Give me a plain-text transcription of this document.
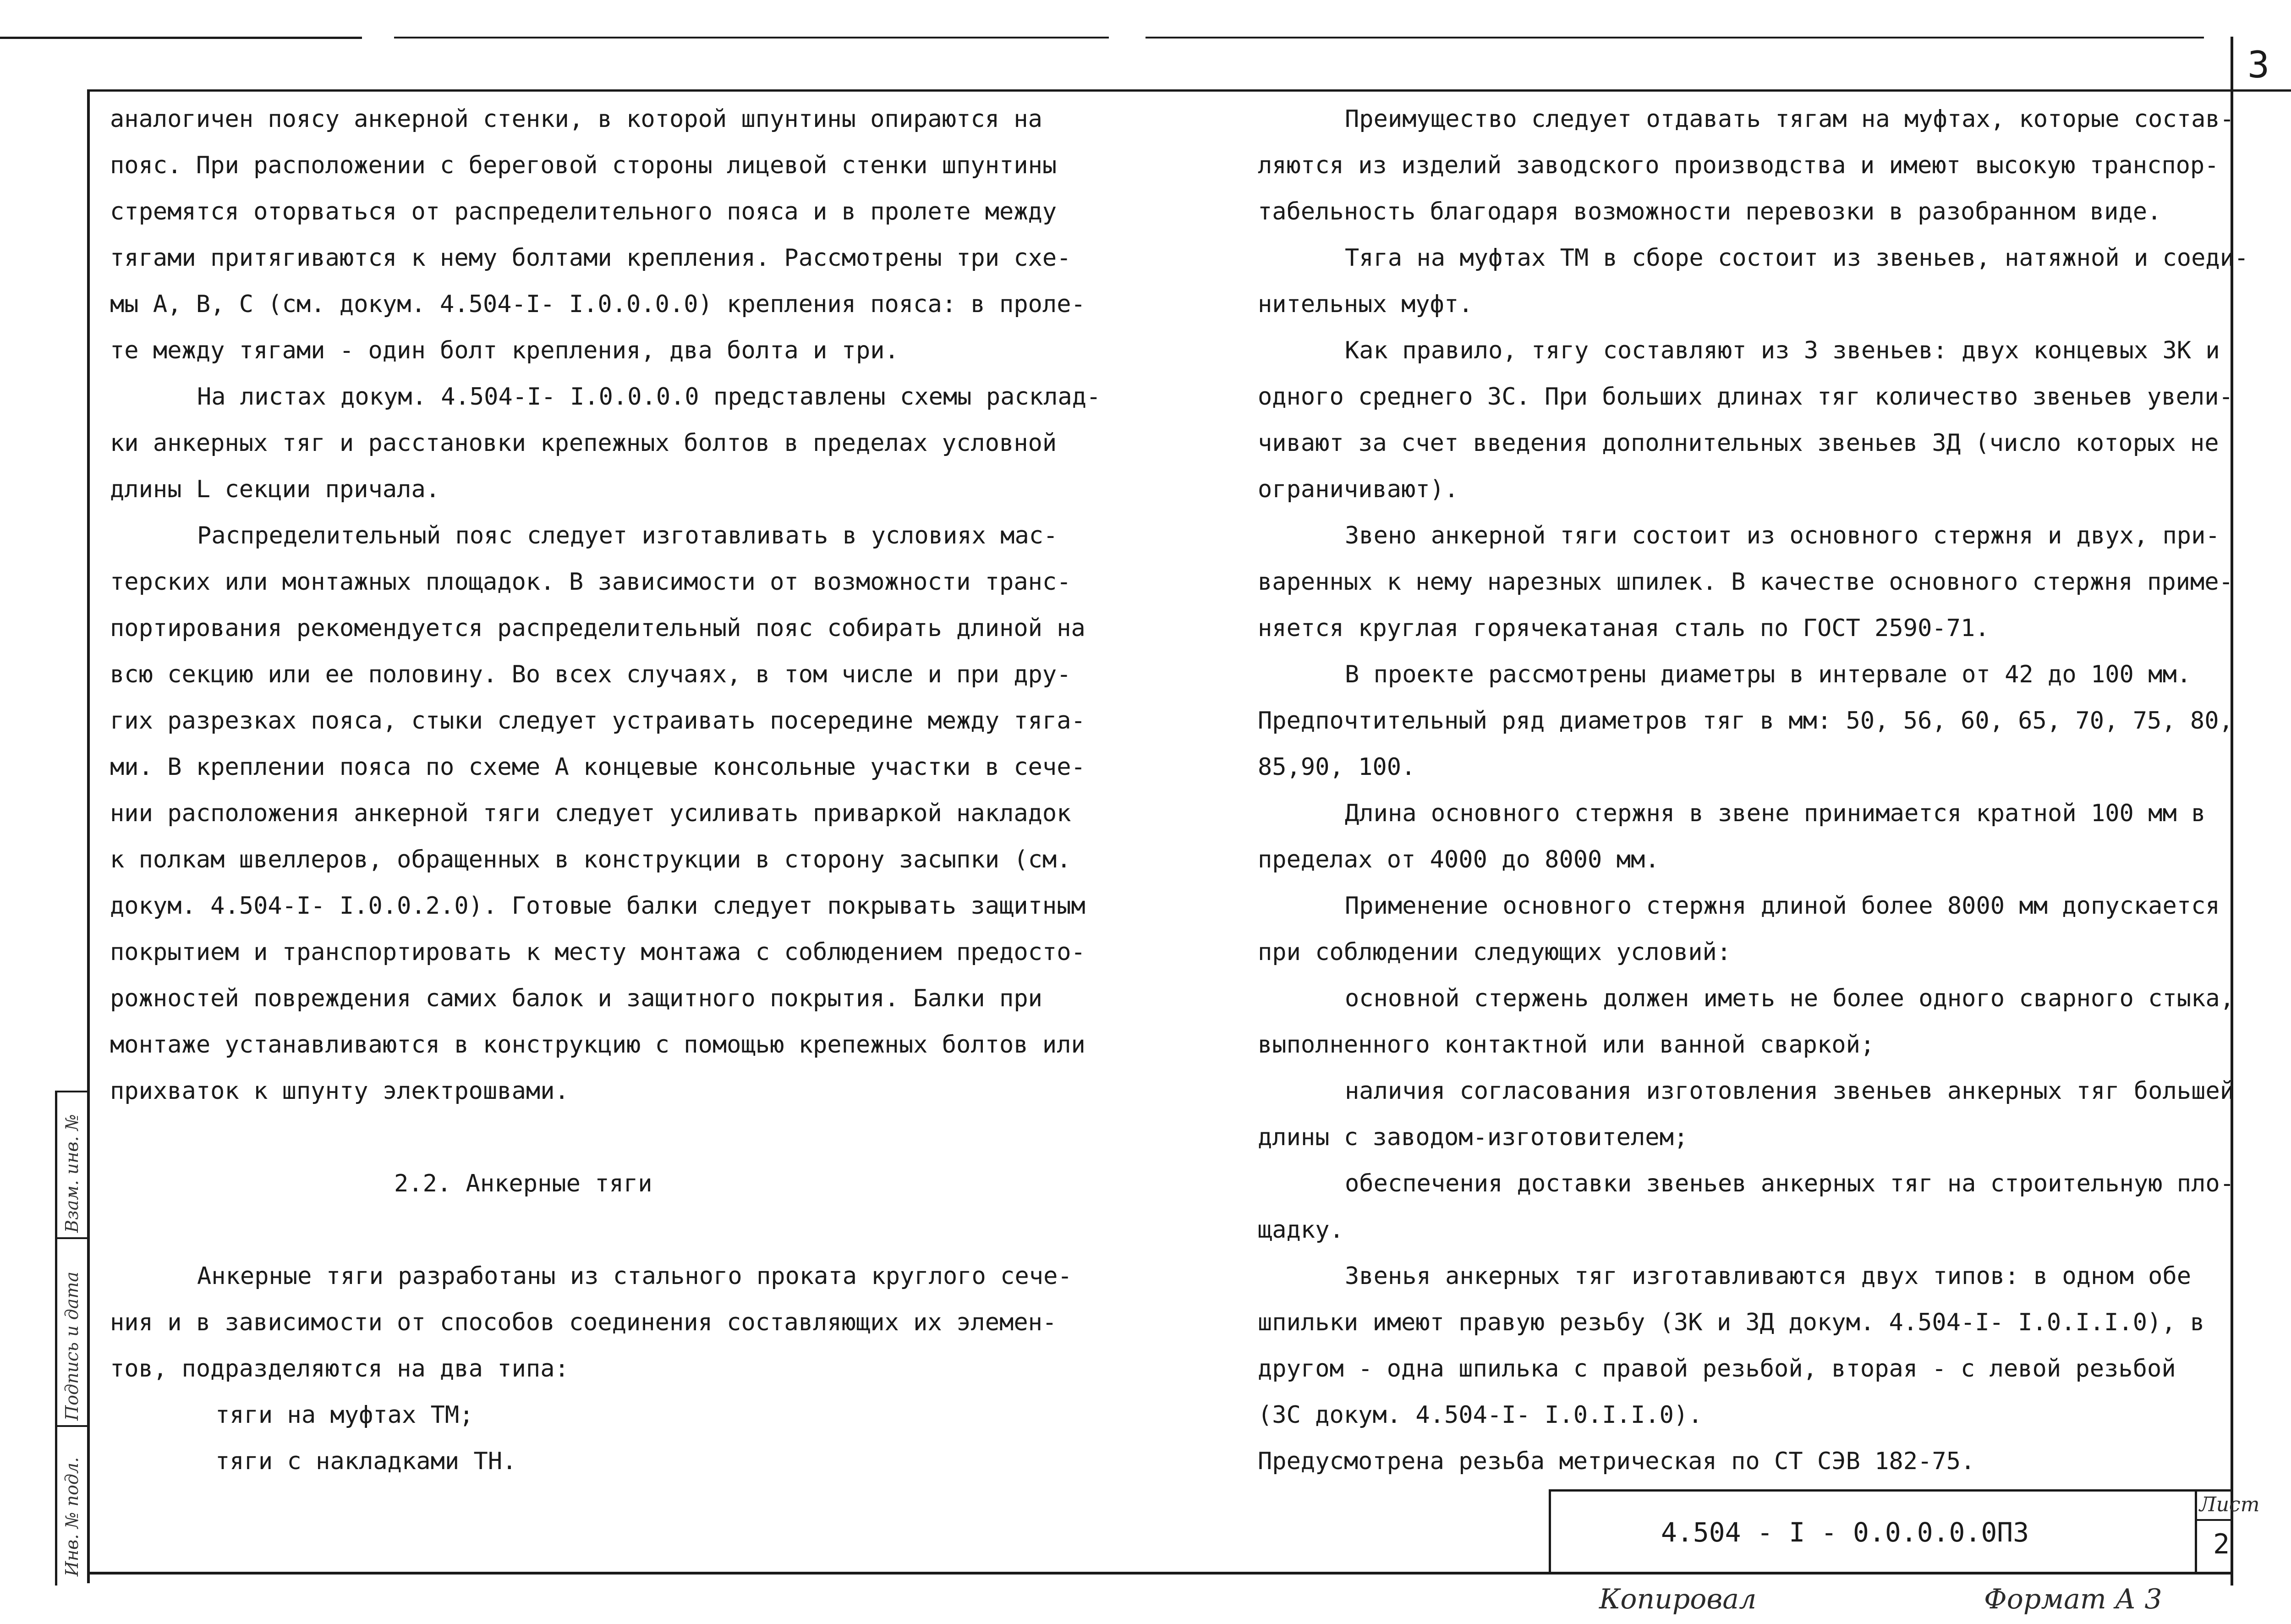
3
Взам. инв. №
Подпись и дата
Инв. № подл.

аналогичен поясу анкерной стенки, в которой шпунтины опираются на

пояс. При расположении с береговой стороны лицевой стенки шпунтины

стремятся оторваться от распределительного пояса и в пролете между

тягами притягиваются к нему болтами крепления. Рассмотрены три схе-

мы А, В, С (см. докум. 4.504-I- I.0.0.0.0) крепления пояса: в проле-

те между тягами - один болт крепления, два болта и три.

На листах докум. 4.504-I- I.0.0.0.0 представлены схемы расклад-

ки анкерных тяг и расстановки крепежных болтов в пределах условной

длины L секции причала.

Распределительный пояс следует изготавливать в условиях мас-

терских или монтажных площадок. В зависимости от возможности транс-

портирования рекомендуется распределительный пояс собирать длиной на

всю секцию или ее половину. Во всех случаях, в том числе и при дру-

гих разрезках пояса, стыки следует устраивать посередине между тяга-

ми. В креплении пояса по схеме А концевые консольные участки в сече-

нии расположения анкерной тяги следует усиливать приваркой накладок

к полкам швеллеров, обращенных в конструкции в сторону засыпки (см.

докум. 4.504-I- I.0.0.2.0). Готовые балки следует покрывать защитным

покрытием и транспортировать к месту монтажа с соблюдением предосто-

рожностей повреждения самих балок и защитного покрытия. Балки при

монтаже устанавливаются в конструкцию с помощью крепежных болтов или

прихваток к шпунту электрошвами.

2.2. Анкерные тяги

Анкерные тяги разработаны из стального проката круглого сече-

ния и в зависимости от способов соединения составляющих их элемен-

тов, подразделяются на два типа:

тяги на муфтах ТМ;

тяги с накладками ТН.

Преимущество следует отдавать тягам на муфтах, которые состав-

ляются из изделий заводского производства и имеют высокую транспор-

табельность благодаря возможности перевозки в разобранном виде.

Тяга на муфтах ТМ в сборе состоит из звеньев, натяжной и соеди-

нительных муфт.

Как правило, тягу составляют из 3 звеньев: двух концевых ЗК и

одного среднего ЗС. При больших длинах тяг количество звеньев увели-

чивают за счет введения дополнительных звеньев ЗД (число которых не

ограничивают).

Звено анкерной тяги состоит из основного стержня и двух, при-

варенных к нему нарезных шпилек. В качестве основного стержня приме-

няется круглая горячекатаная сталь по ГОСТ 2590-71.

В проекте рассмотрены диаметры в интервале от 42 до 100 мм.

Предпочтительный ряд диаметров тяг в мм: 50, 56, 60, 65, 70, 75, 80,

85,90, 100.

Длина основного стержня в звене принимается кратной 100 мм в

пределах от 4000 до 8000 мм.

Применение основного стержня длиной более 8000 мм допускается

при соблюдении следующих условий:

основной стержень должен иметь не более одного сварного стыка,

выполненного контактной или ванной сваркой;

наличия согласования изготовления звеньев анкерных тяг большей

длины с заводом-изготовителем;

обеспечения доставки звеньев анкерных тяг на строительную пло-

щадку.

Звенья анкерных тяг изготавливаются двух типов: в одном обе

шпильки имеют правую резьбу (ЗК и ЗД докум. 4.504-I- I.0.I.I.0), в

другом - одна шпилька с правой резьбой, вторая - с левой резьбой

(ЗС докум. 4.504-I- I.0.I.I.0).

Предусмотрена резьба метрическая по СТ СЭВ 182-75.

4.504 - I - 0.0.0.0.0ПЗ
Лист
2
Копировал	Формат А 3
